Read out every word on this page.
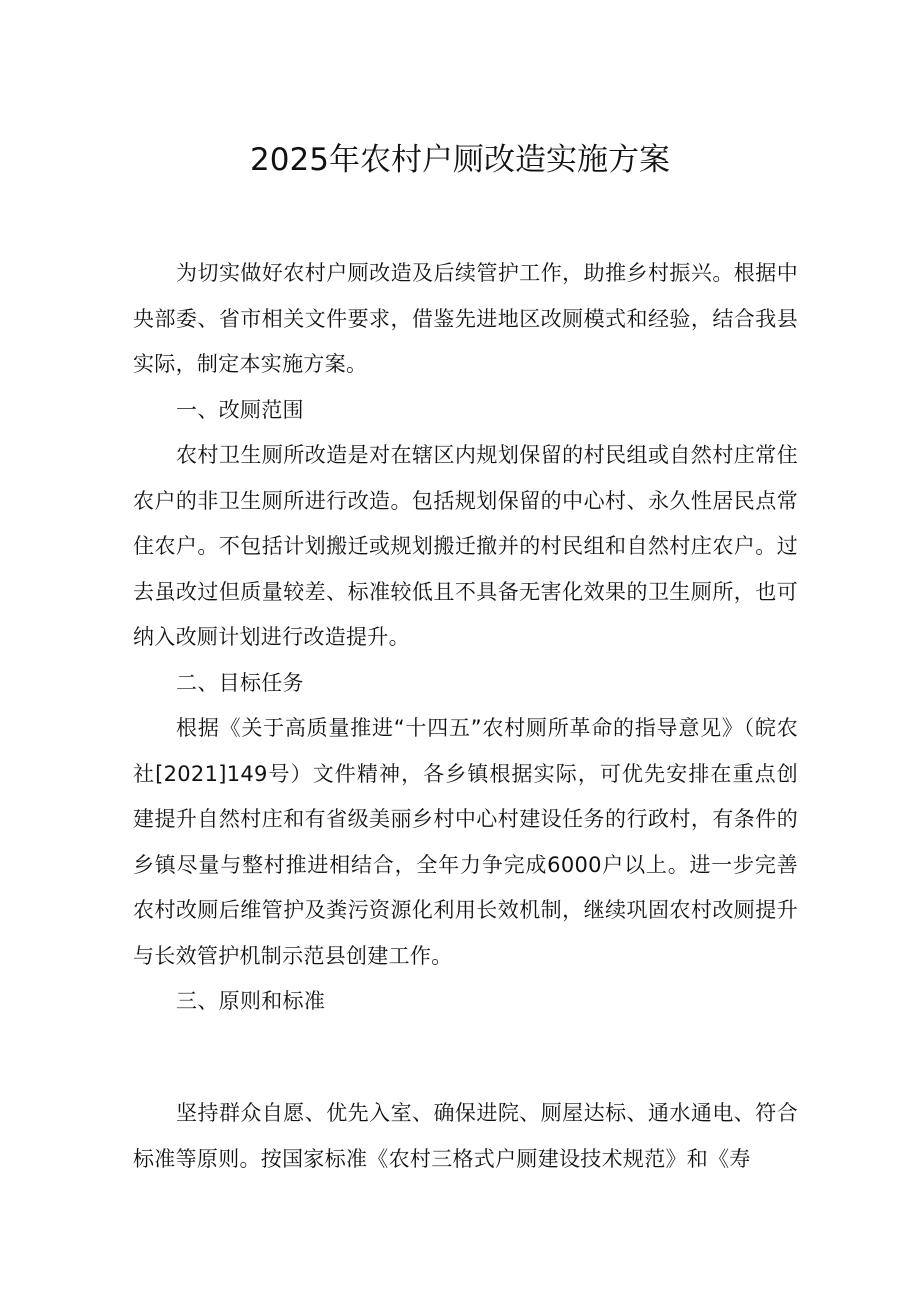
2025年农村户厕改造实施方案

为切实做好农村户厕改造及后续管护工作，助推乡村振兴。根据中央部委、省市相关文件要求，借鉴先进地区改厕模式和经验，结合我县实际，制定本实施方案。

一、改厕范围

农村卫生厕所改造是对在辖区内规划保留的村民组或自然村庄常住农户的非卫生厕所进行改造。包括规划保留的中心村、永久性居民点常住农户。不包括计划搬迁或规划搬迁撤并的村民组和自然村庄农户。过去虽改过但质量较差、标准较低且不具备无害化效果的卫生厕所，也可纳入改厕计划进行改造提升。

二、目标任务

根据《关于高质量推进“十四五”农村厕所革命的指导意见》（皖农社[2021]149号）文件精神，各乡镇根据实际，可优先安排在重点创建提升自然村庄和有省级美丽乡村中心村建设任务的行政村，有条件的乡镇尽量与整村推进相结合，全年力争完成6000户以上。进一步完善农村改厕后维管护及粪污资源化利用长效机制，继续巩固农村改厕提升与长效管护机制示范县创建工作。

三、原则和标准

坚持群众自愿、优先入室、确保进院、厕屋达标、通水通电、符合标准等原则。按国家标准《农村三格式户厕建设技术规范》和《寿
